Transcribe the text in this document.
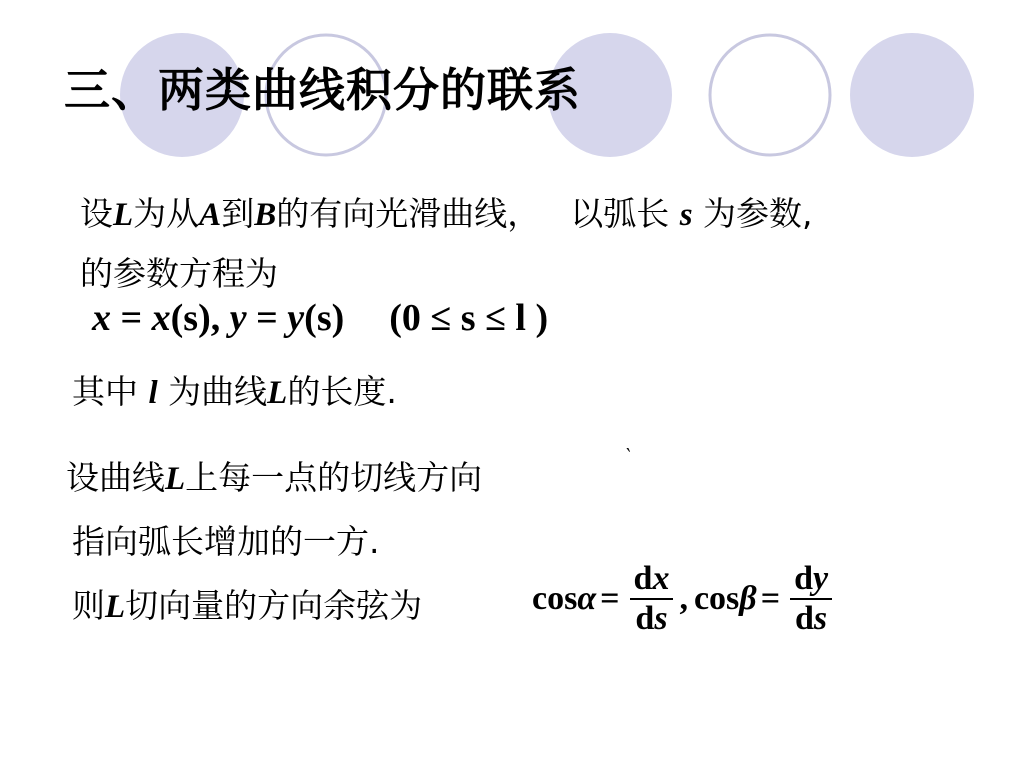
三、两类曲线积分的联系
设L为从A到B的有向光滑曲线， 以弧长 s 为参数,
的参数方程为
x = x(s), y = y(s) (0 ≤ s ≤ l )
其中 l 为曲线L的长度.
设曲线L上每一点的切线方向
‵
指向弧长增加的一方.
则L切向量的方向余弦为	$\cos \alpha = \frac{dx}{ds}$ , $\cos \beta = \frac{dy}{ds}$
